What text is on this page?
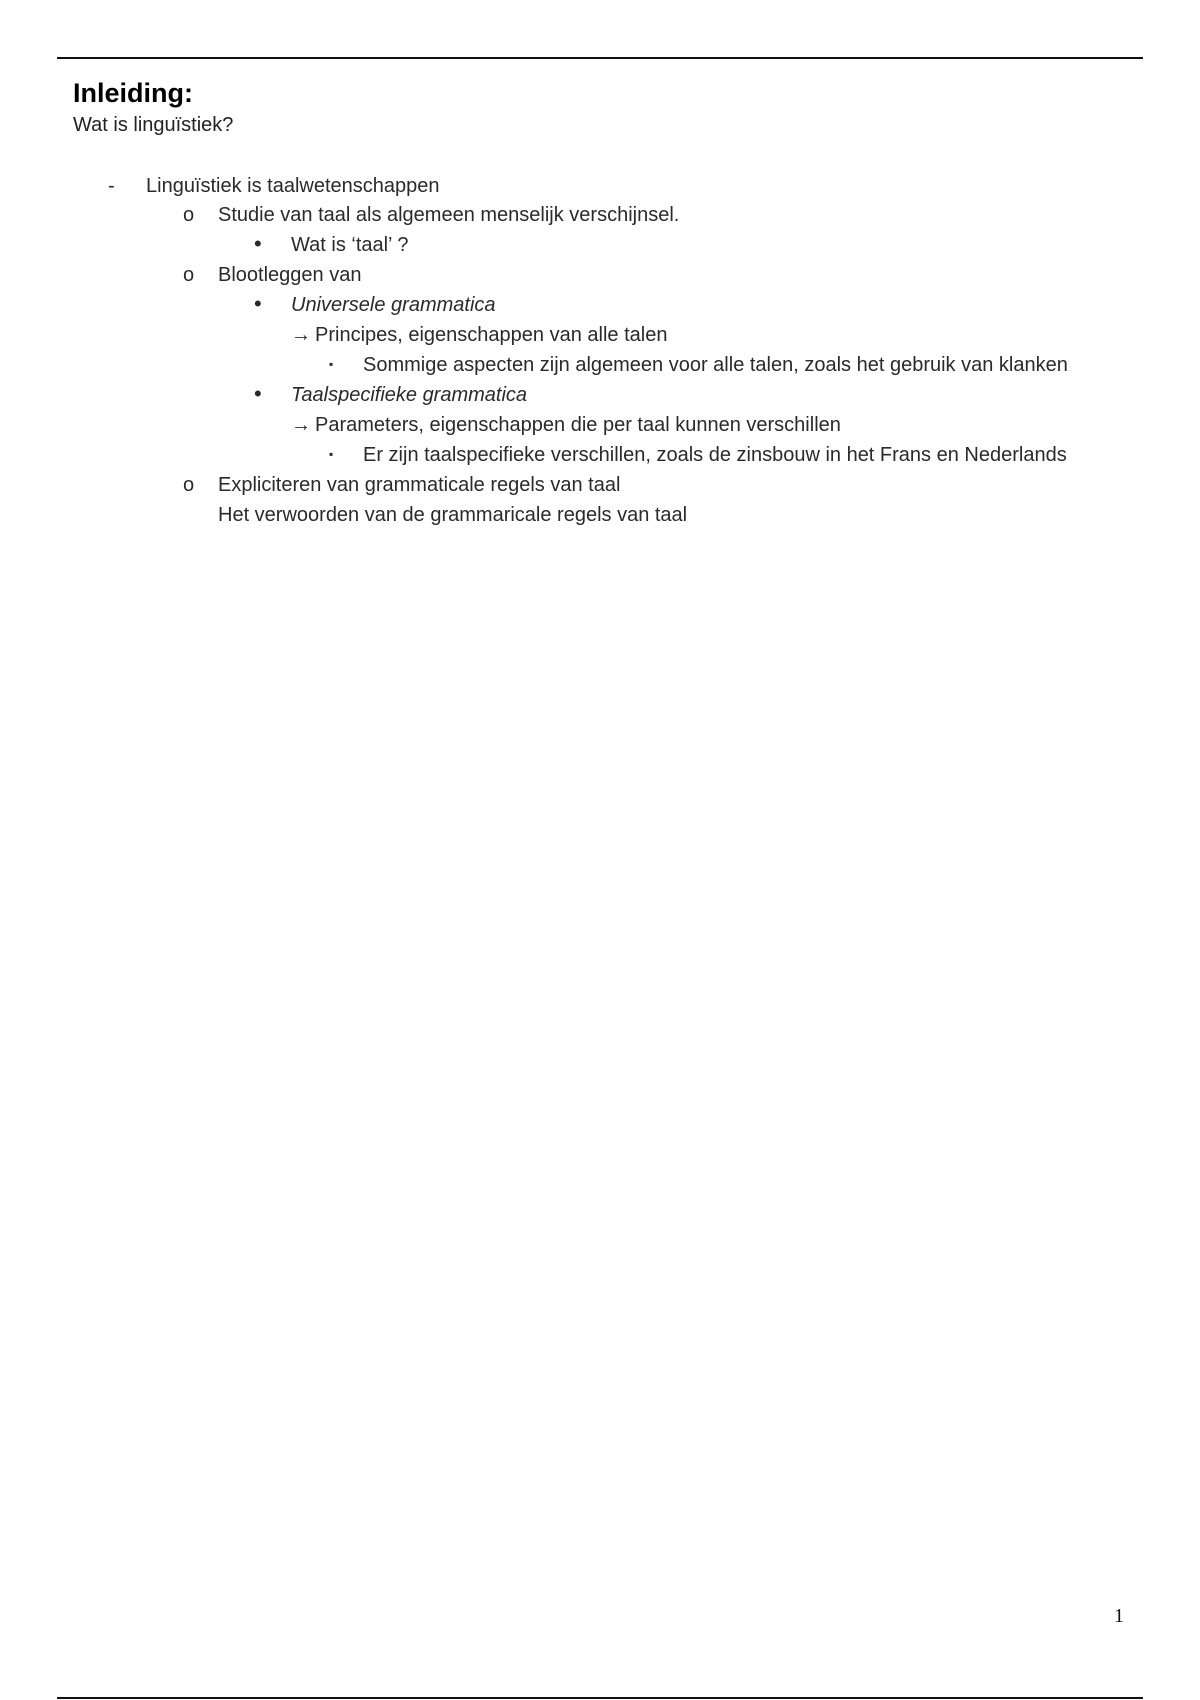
Inleiding:
Wat is linguïstiek?
- Linguïstiek is taalwetenschappen
o Studie van taal als algemeen menselijk verschijnsel.
• Wat is ‘taal’ ?
o Blootleggen van
• Universele grammatica
→ Principes, eigenschappen van alle talen
▪ Sommige aspecten zijn algemeen voor alle talen, zoals het gebruik van klanken
• Taalspecifieke grammatica
→ Parameters, eigenschappen die per taal kunnen verschillen
▪ Er zijn taalspecifieke verschillen, zoals de zinsbouw in het Frans en Nederlands
o Expliciteren van grammaticale regels van taal
Het verwoorden van de grammaricale regels van taal
1
